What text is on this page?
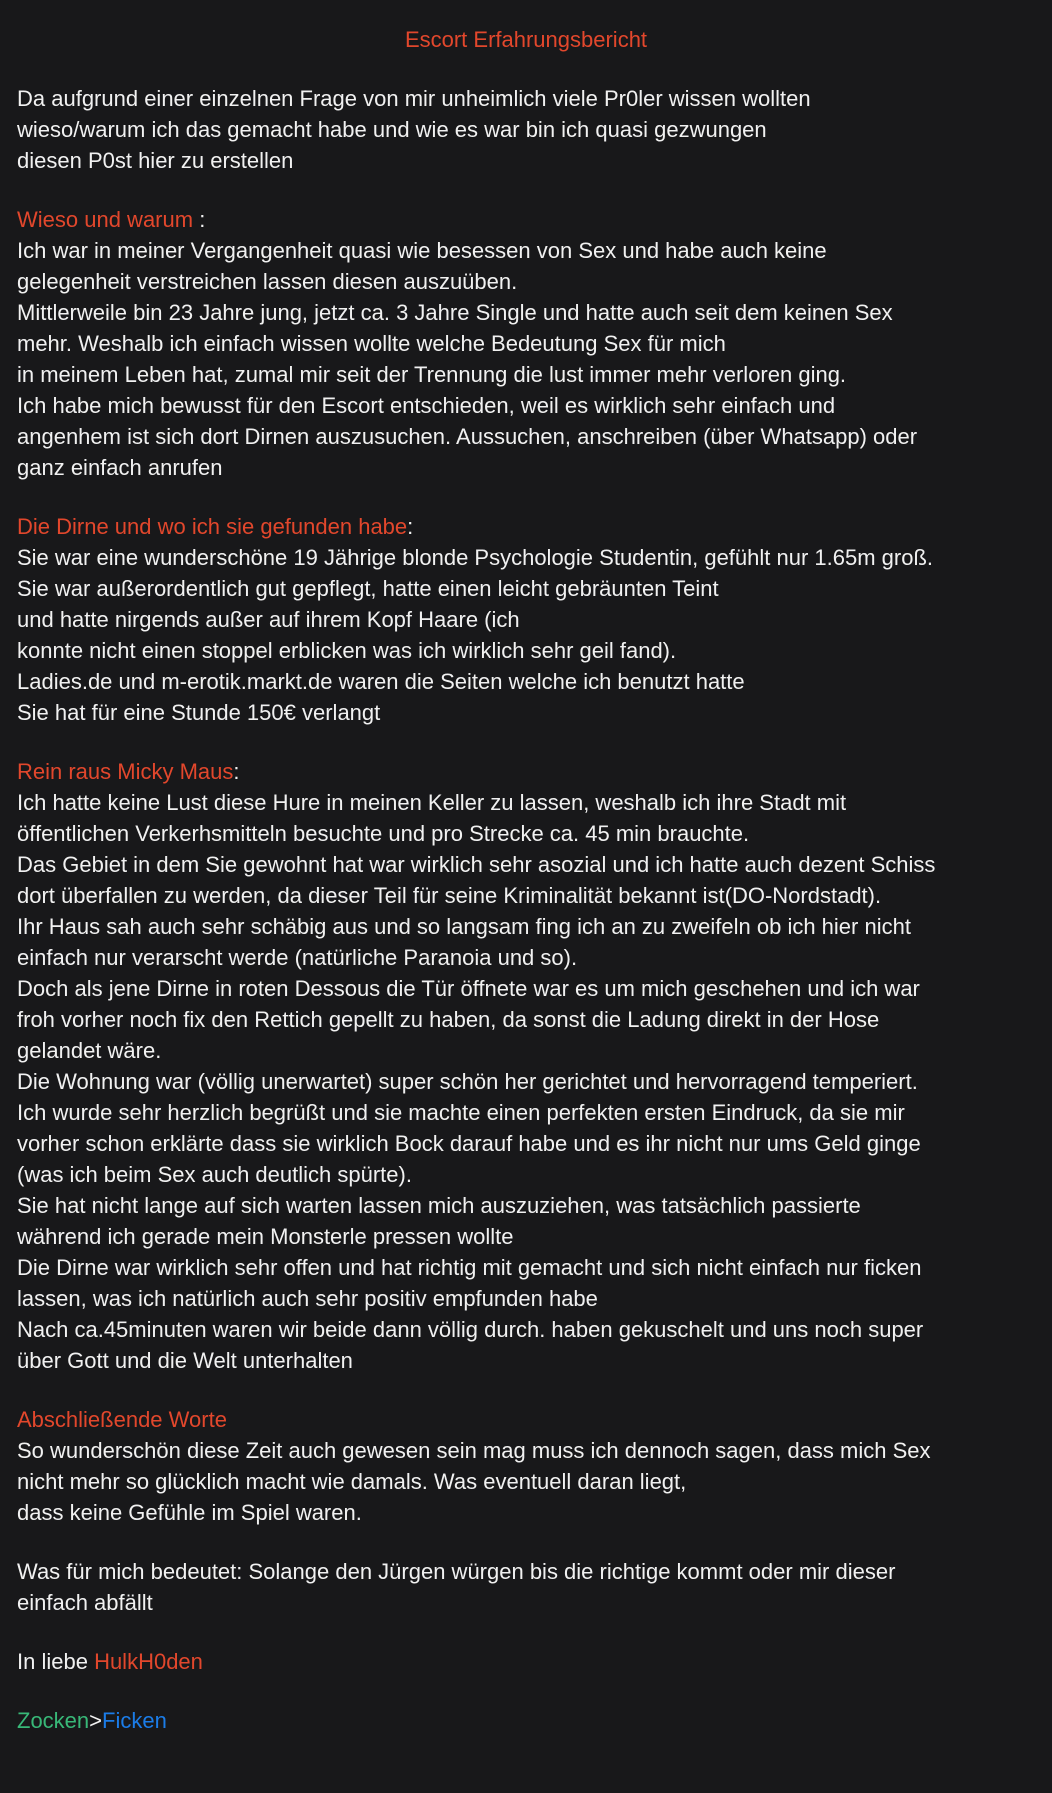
Escort Erfahrungsbericht
Da aufgrund einer einzelnen Frage von mir unheimlich viele Pr0ler wissen wollten
wieso/warum ich das gemacht habe und wie es war bin ich quasi gezwungen
diesen P0st hier zu erstellen
Wieso und warum :
Ich war in meiner Vergangenheit quasi wie besessen von Sex und habe auch keine
gelegenheit verstreichen lassen diesen auszuüben.
Mittlerweile bin 23 Jahre jung, jetzt ca. 3 Jahre Single und hatte auch seit dem keinen Sex
mehr. Weshalb ich einfach wissen wollte welche Bedeutung Sex für mich
in meinem Leben hat, zumal mir seit der Trennung die lust immer mehr verloren ging.
Ich habe mich bewusst für den Escort entschieden, weil es wirklich sehr einfach und
angenhem ist sich dort Dirnen auszusuchen. Aussuchen, anschreiben (über Whatsapp) oder
ganz einfach anrufen
Die Dirne und wo ich sie gefunden habe:
Sie war eine wunderschöne 19 Jährige blonde Psychologie Studentin, gefühlt nur 1.65m groß.
Sie war außerordentlich gut gepflegt, hatte einen leicht gebräunten Teint
und hatte nirgends außer auf ihrem Kopf Haare (ich
konnte nicht einen stoppel erblicken was ich wirklich sehr geil fand).
Ladies.de und m-erotik.markt.de waren die Seiten welche ich benutzt hatte
Sie hat für eine Stunde 150€ verlangt
Rein raus Micky Maus:
Ich hatte keine Lust diese Hure in meinen Keller zu lassen, weshalb ich ihre Stadt mit
öffentlichen Verkerhsmitteln besuchte und pro Strecke ca. 45 min brauchte.
Das Gebiet in dem Sie gewohnt hat war wirklich sehr asozial und ich hatte auch dezent Schiss
dort überfallen zu werden, da dieser Teil für seine Kriminalität bekannt ist(DO-Nordstadt).
Ihr Haus sah auch sehr schäbig aus und so langsam fing ich an zu zweifeln ob ich hier nicht
einfach nur verarscht werde (natürliche Paranoia und so).
Doch als jene Dirne in roten Dessous die Tür öffnete war es um mich geschehen und ich war
froh vorher noch fix den Rettich gepellt zu haben, da sonst die Ladung direkt in der Hose
gelandet wäre.
Die Wohnung war (völlig unerwartet) super schön her gerichtet und hervorragend temperiert.
Ich wurde sehr herzlich begrüßt und sie machte einen perfekten ersten Eindruck, da sie mir
vorher schon erklärte dass sie wirklich Bock darauf habe und es ihr nicht nur ums Geld ginge
(was ich beim Sex auch deutlich spürte).
Sie hat nicht lange auf sich warten lassen mich auszuziehen, was tatsächlich passierte
während ich gerade mein Monsterle pressen wollte
Die Dirne war wirklich sehr offen und hat richtig mit gemacht und sich nicht einfach nur ficken
lassen, was ich natürlich auch sehr positiv empfunden habe
Nach ca.45minuten waren wir beide dann völlig durch. haben gekuschelt und uns noch super
über Gott und die Welt unterhalten
Abschließende Worte
So wunderschön diese Zeit auch gewesen sein mag muss ich dennoch sagen, dass mich Sex
nicht mehr so glücklich macht wie damals. Was eventuell daran liegt,
dass keine Gefühle im Spiel waren.
Was für mich bedeutet: Solange den Jürgen würgen bis die richtige kommt oder mir dieser
einfach abfällt
In liebe HulkH0den
Zocken>Ficken
